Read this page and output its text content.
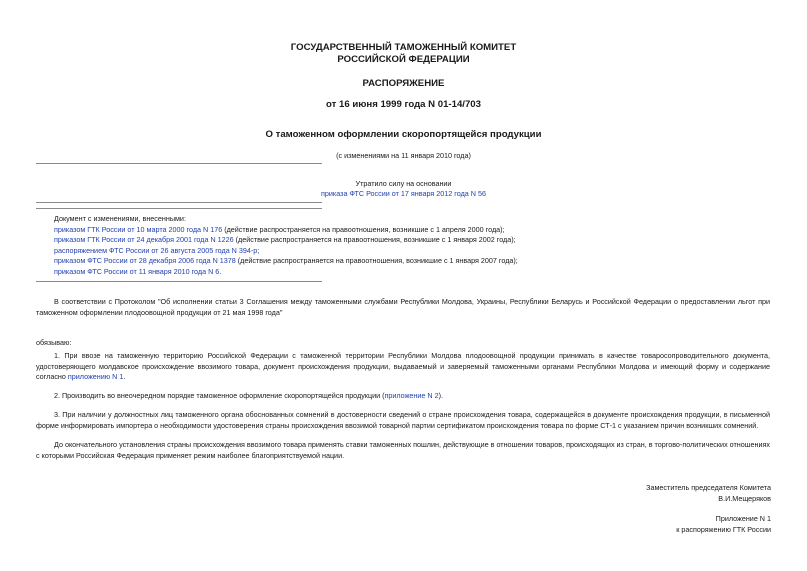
ГОСУДАРСТВЕННЫЙ ТАМОЖЕННЫЙ КОМИТЕТ
РОССИЙСКОЙ ФЕДЕРАЦИИ
РАСПОРЯЖЕНИЕ
от 16 июня 1999 года N 01-14/703
О таможенном оформлении скоропортящейся продукции
(с изменениями на 11 января 2010 года)
Утратило силу на основании
приказа ФТС России от 17 января 2012 года N 56
Документ с изменениями, внесенными:
приказом ГТК России от 10 марта 2000 года N 176 (действие распространяется на правоотношения, возникшие с 1 апреля 2000 года);
приказом ГТК России от 24 декабря 2001 года N 1226 (действие распространяется на правоотношения, возникшие с 1 января 2002 года);
распоряжением ФТС России от 26 августа 2005 года N 394-р;
приказом ФТС России от 28 декабря 2006 года N 1378 (действие распространяется на правоотношения, возникшие с 1 января 2007 года);
приказом ФТС России от 11 января 2010 года N 6.
В соответствии с Протоколом "Об исполнении статьи 3 Соглашения между таможенными службами Республики Молдова, Украины, Республики Беларусь и Российской Федерации о предоставлении льгот при таможенном оформлении плодоовощной продукции от 21 мая 1998 года"
обязываю:
1. При ввозе на таможенную территорию Российской Федерации с таможенной территории Республики Молдова плодоовощной продукции принимать в качестве товаросопроводительного документа, удостоверяющего молдавское происхождение ввозимого товара, документ происхождения продукции, выдаваемый и заверяемый таможенными органами Республики Молдова и имеющий форму и содержание согласно приложению N 1.
2. Производить во внеочередном порядке таможенное оформление скоропортящейся продукции (приложение N 2).
3. При наличии у должностных лиц таможенного органа обоснованных сомнений в достоверности сведений о стране происхождения товара, содержащейся в документе происхождения продукции, в письменной форме информировать импортера о необходимости удостоверения страны происхождения ввозимой товарной партии сертификатом происхождения товара по форме СТ-1 с указанием причин возникших сомнений.
До окончательного установления страны происхождения ввозимого товара применять ставки таможенных пошлин, действующие в отношении товаров, происходящих из стран, в торгово-политических отношениях с которыми Российская Федерация применяет режим наиболее благоприятствуемой нации.
Заместитель председателя Комитета
В.И.Мещеряков
Приложение N 1
к распоряжению ГТК России
